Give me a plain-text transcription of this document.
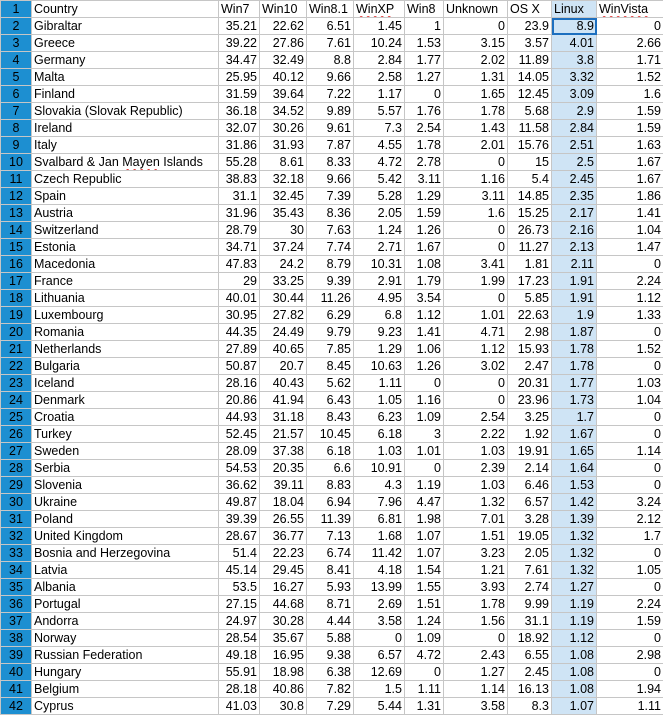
1	Country	Win7	Win10	Win8.1	WinXP	Win8	Unknown	OS X	Linux	WinVista
2	Gibraltar	35.21	22.62	6.51	1.45	1	0	23.9	8.9	0
3	Greece	39.22	27.86	7.61	10.24	1.53	3.15	3.57	4.01	2.66
4	Germany	34.47	32.49	8.8	2.84	1.77	2.02	11.89	3.8	1.71
5	Malta	25.95	40.12	9.66	2.58	1.27	1.31	14.05	3.32	1.52
6	Finland	31.59	39.64	7.22	1.17	0	1.65	12.45	3.09	1.6
7	Slovakia (Slovak Republic)	36.18	34.52	9.89	5.57	1.76	1.78	5.68	2.9	1.59
8	Ireland	32.07	30.26	9.61	7.3	2.54	1.43	11.58	2.84	1.59
9	Italy	31.86	31.93	7.87	4.55	1.78	2.01	15.76	2.51	1.63
10	Svalbard & Jan Mayen Islands	55.28	8.61	8.33	4.72	2.78	0	15	2.5	1.67
11	Czech Republic	38.83	32.18	9.66	5.42	3.11	1.16	5.4	2.45	1.67
12	Spain	31.1	32.45	7.39	5.28	1.29	3.11	14.85	2.35	1.86
13	Austria	31.96	35.43	8.36	2.05	1.59	1.6	15.25	2.17	1.41
14	Switzerland	28.79	30	7.63	1.24	1.26	0	26.73	2.16	1.04
15	Estonia	34.71	37.24	7.74	2.71	1.67	0	11.27	2.13	1.47
16	Macedonia	47.83	24.2	8.79	10.31	1.08	3.41	1.81	2.11	0
17	France	29	33.25	9.39	2.91	1.79	1.99	17.23	1.91	2.24
18	Lithuania	40.01	30.44	11.26	4.95	3.54	0	5.85	1.91	1.12
19	Luxembourg	30.95	27.82	6.29	6.8	1.12	1.01	22.63	1.9	1.33
20	Romania	44.35	24.49	9.79	9.23	1.41	4.71	2.98	1.87	0
21	Netherlands	27.89	40.65	7.85	1.29	1.06	1.12	15.93	1.78	1.52
22	Bulgaria	50.87	20.7	8.45	10.63	1.26	3.02	2.47	1.78	0
23	Iceland	28.16	40.43	5.62	1.11	0	0	20.31	1.77	1.03
24	Denmark	20.86	41.94	6.43	1.05	1.16	0	23.96	1.73	1.04
25	Croatia	44.93	31.18	8.43	6.23	1.09	2.54	3.25	1.7	0
26	Turkey	52.45	21.57	10.45	6.18	3	2.22	1.92	1.67	0
27	Sweden	28.09	37.38	6.18	1.03	1.01	1.03	19.91	1.65	1.14
28	Serbia	54.53	20.35	6.6	10.91	0	2.39	2.14	1.64	0
29	Slovenia	36.62	39.11	8.83	4.3	1.19	1.03	6.46	1.53	0
30	Ukraine	49.87	18.04	6.94	7.96	4.47	1.32	6.57	1.42	3.24
31	Poland	39.39	26.55	11.39	6.81	1.98	7.01	3.28	1.39	2.12
32	United Kingdom	28.67	36.77	7.13	1.68	1.07	1.51	19.05	1.32	1.7
33	Bosnia and Herzegovina	51.4	22.23	6.74	11.42	1.07	3.23	2.05	1.32	0
34	Latvia	45.14	29.45	8.41	4.18	1.54	1.21	7.61	1.32	1.05
35	Albania	53.5	16.27	5.93	13.99	1.55	3.93	2.74	1.27	0
36	Portugal	27.15	44.68	8.71	2.69	1.51	1.78	9.99	1.19	2.24
37	Andorra	24.97	30.28	4.44	3.58	1.24	1.56	31.1	1.19	1.59
38	Norway	28.54	35.67	5.88	0	1.09	0	18.92	1.12	0
39	Russian Federation	49.18	16.95	9.38	6.57	4.72	2.43	6.55	1.08	2.98
40	Hungary	55.91	18.98	6.38	12.69	0	1.27	2.45	1.08	0
41	Belgium	28.18	40.86	7.82	1.5	1.11	1.14	16.13	1.08	1.94
42	Cyprus	41.03	30.8	7.29	5.44	1.31	3.58	8.3	1.07	1.11
